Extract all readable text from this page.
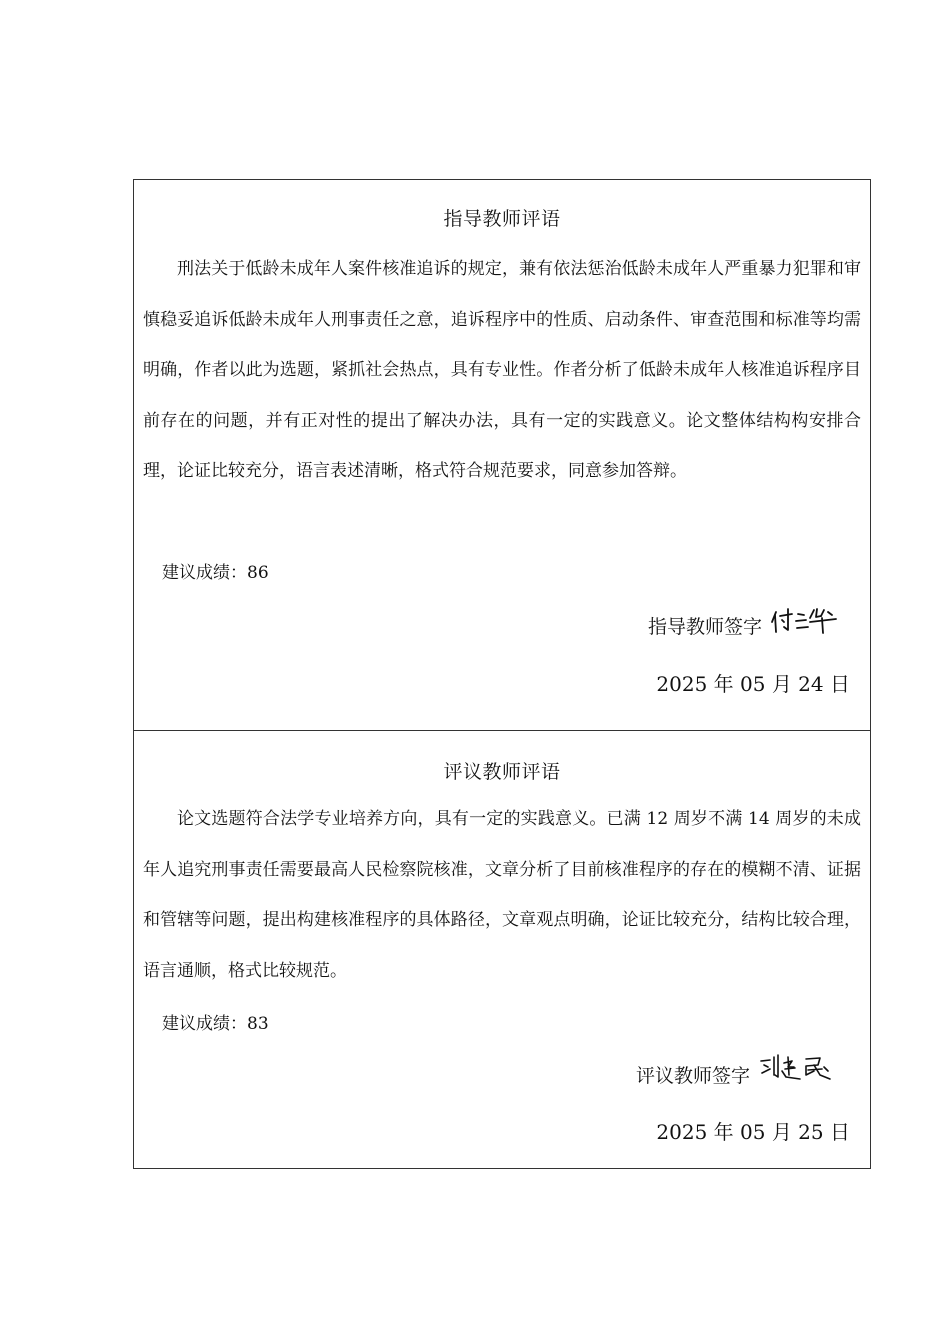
指导教师评语
刑法关于低龄未成年人案件核准追诉的规定，兼有依法惩治低龄未成年人严重暴力犯罪和审慎稳妥追诉低龄未成年人刑事责任之意，追诉程序中的性质、启动条件、审查范围和标准等均需明确，作者以此为选题，紧抓社会热点，具有专业性。作者分析了低龄未成年人核准追诉程序目前存在的问题，并有正对性的提出了解决办法，具有一定的实践意义。论文整体结构构安排合理，论证比较充分，语言表述清晰，格式符合规范要求，同意参加答辩。
建议成绩：86
指导教师签字
2025 年 05 月 24 日
评议教师评语
论文选题符合法学专业培养方向，具有一定的实践意义。已满 12 周岁不满 14 周岁的未成年人追究刑事责任需要最高人民检察院核准，文章分析了目前核准程序的存在的模糊不清、证据和管辖等问题，提出构建核准程序的具体路径，文章观点明确，论证比较充分，结构比较合理，语言通顺，格式比较规范。
建议成绩：83
评议教师签字
2025 年 05 月 25 日
